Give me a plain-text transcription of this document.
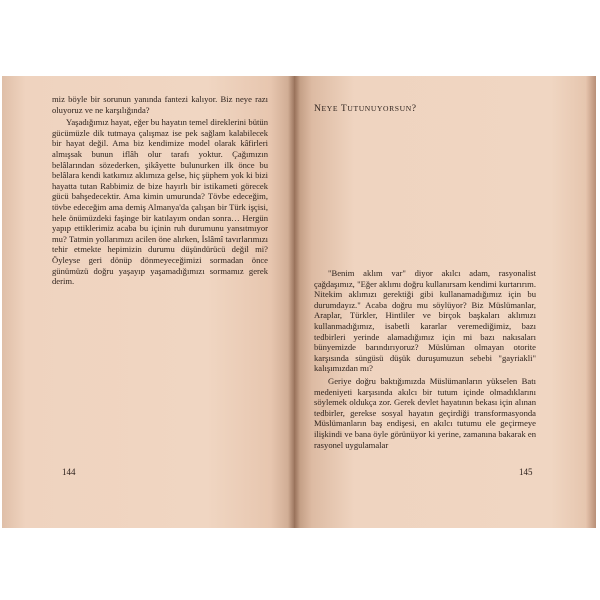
miz böyle bir sorunun yanında fantezi kalıyor. Biz neye razı oluyoruz ve ne karşılığında?

Yaşadığımız hayat, eğer bu hayatın temel direklerini bütün gücümüzle dik tutmaya çalışmaz ise pek sağlam kalabilecek bir hayat değil. Ama biz kendimize model olarak kâfirleri almışsak bunun iflâh olur tarafı yoktur. Çağımızın belâlarından sözederken, şikâyette bulunurken ilk önce bu belâlara kendi katkımız aklımıza gelse, hiç şüphem yok ki bizi hayatta tutan Rabbimiz de bize hayırlı bir istikameti görecek gücü bahşedecektir. Ama kimin umurunda? Tövbe edeceğim, tövbe edeceğim ama demiş Almanya'da çalışan bir Türk işçisi, hele önümüzdeki faşinge bir katılayım ondan sonra… Hergün yapıp ettiklerimiz acaba bu içinin ruh durumunu yansıtmıyor mu? Tatmin yollarımızı acilen öne alırken, İslâmî tavırlarımızı tehir etmekte hepimizin durumu düşündürücü değil mi? Öyleyse geri dönüp dönmeyeceğimizi sormadan önce günümüzü doğru yaşayıp yaşamadığımızı sormamız gerek derim.

144
NEYE TUTUNUYORSUN?

"Benim aklım var" diyor akılcı adam, rasyonalist çağdaşımız, "Eğer aklımı doğru kullanırsam kendimi kurtarırım. Nitekim aklımızı gerektiği gibi kullanamadığımız için bu durumdayız." Acaba doğru mu söylüyor? Biz Müslümanlar, Araplar, Türkler, Hintliler ve birçok başkaları aklımızı kullanmadığımız, isabetli kararlar veremediğimiz, bazı tedbirleri yerinde alamadığımız için mi bazı nakısaları bünyemizde barındırıyoruz? Müslüman olmayan otorite karşısında süngüsü düşük duruşumuzun sebebi "gayriakli" kalışımızdan mı?

Geriye doğru baktığımızda Müslümanların yükselen Batı medeniyeti karşısında akılcı bir tutum içinde olmadıklarını söylemek oldukça zor. Gerek devlet hayatının bekası için alınan tedbirler, gerekse sosyal hayatın geçirdiği transformasyonda Müslümanların baş endişesi, en akılcı tutumu ele geçirmeye ilişkindi ve bana öyle görünüyor ki yerine, zamanına bakarak en rasyonel uygulamalar

145
